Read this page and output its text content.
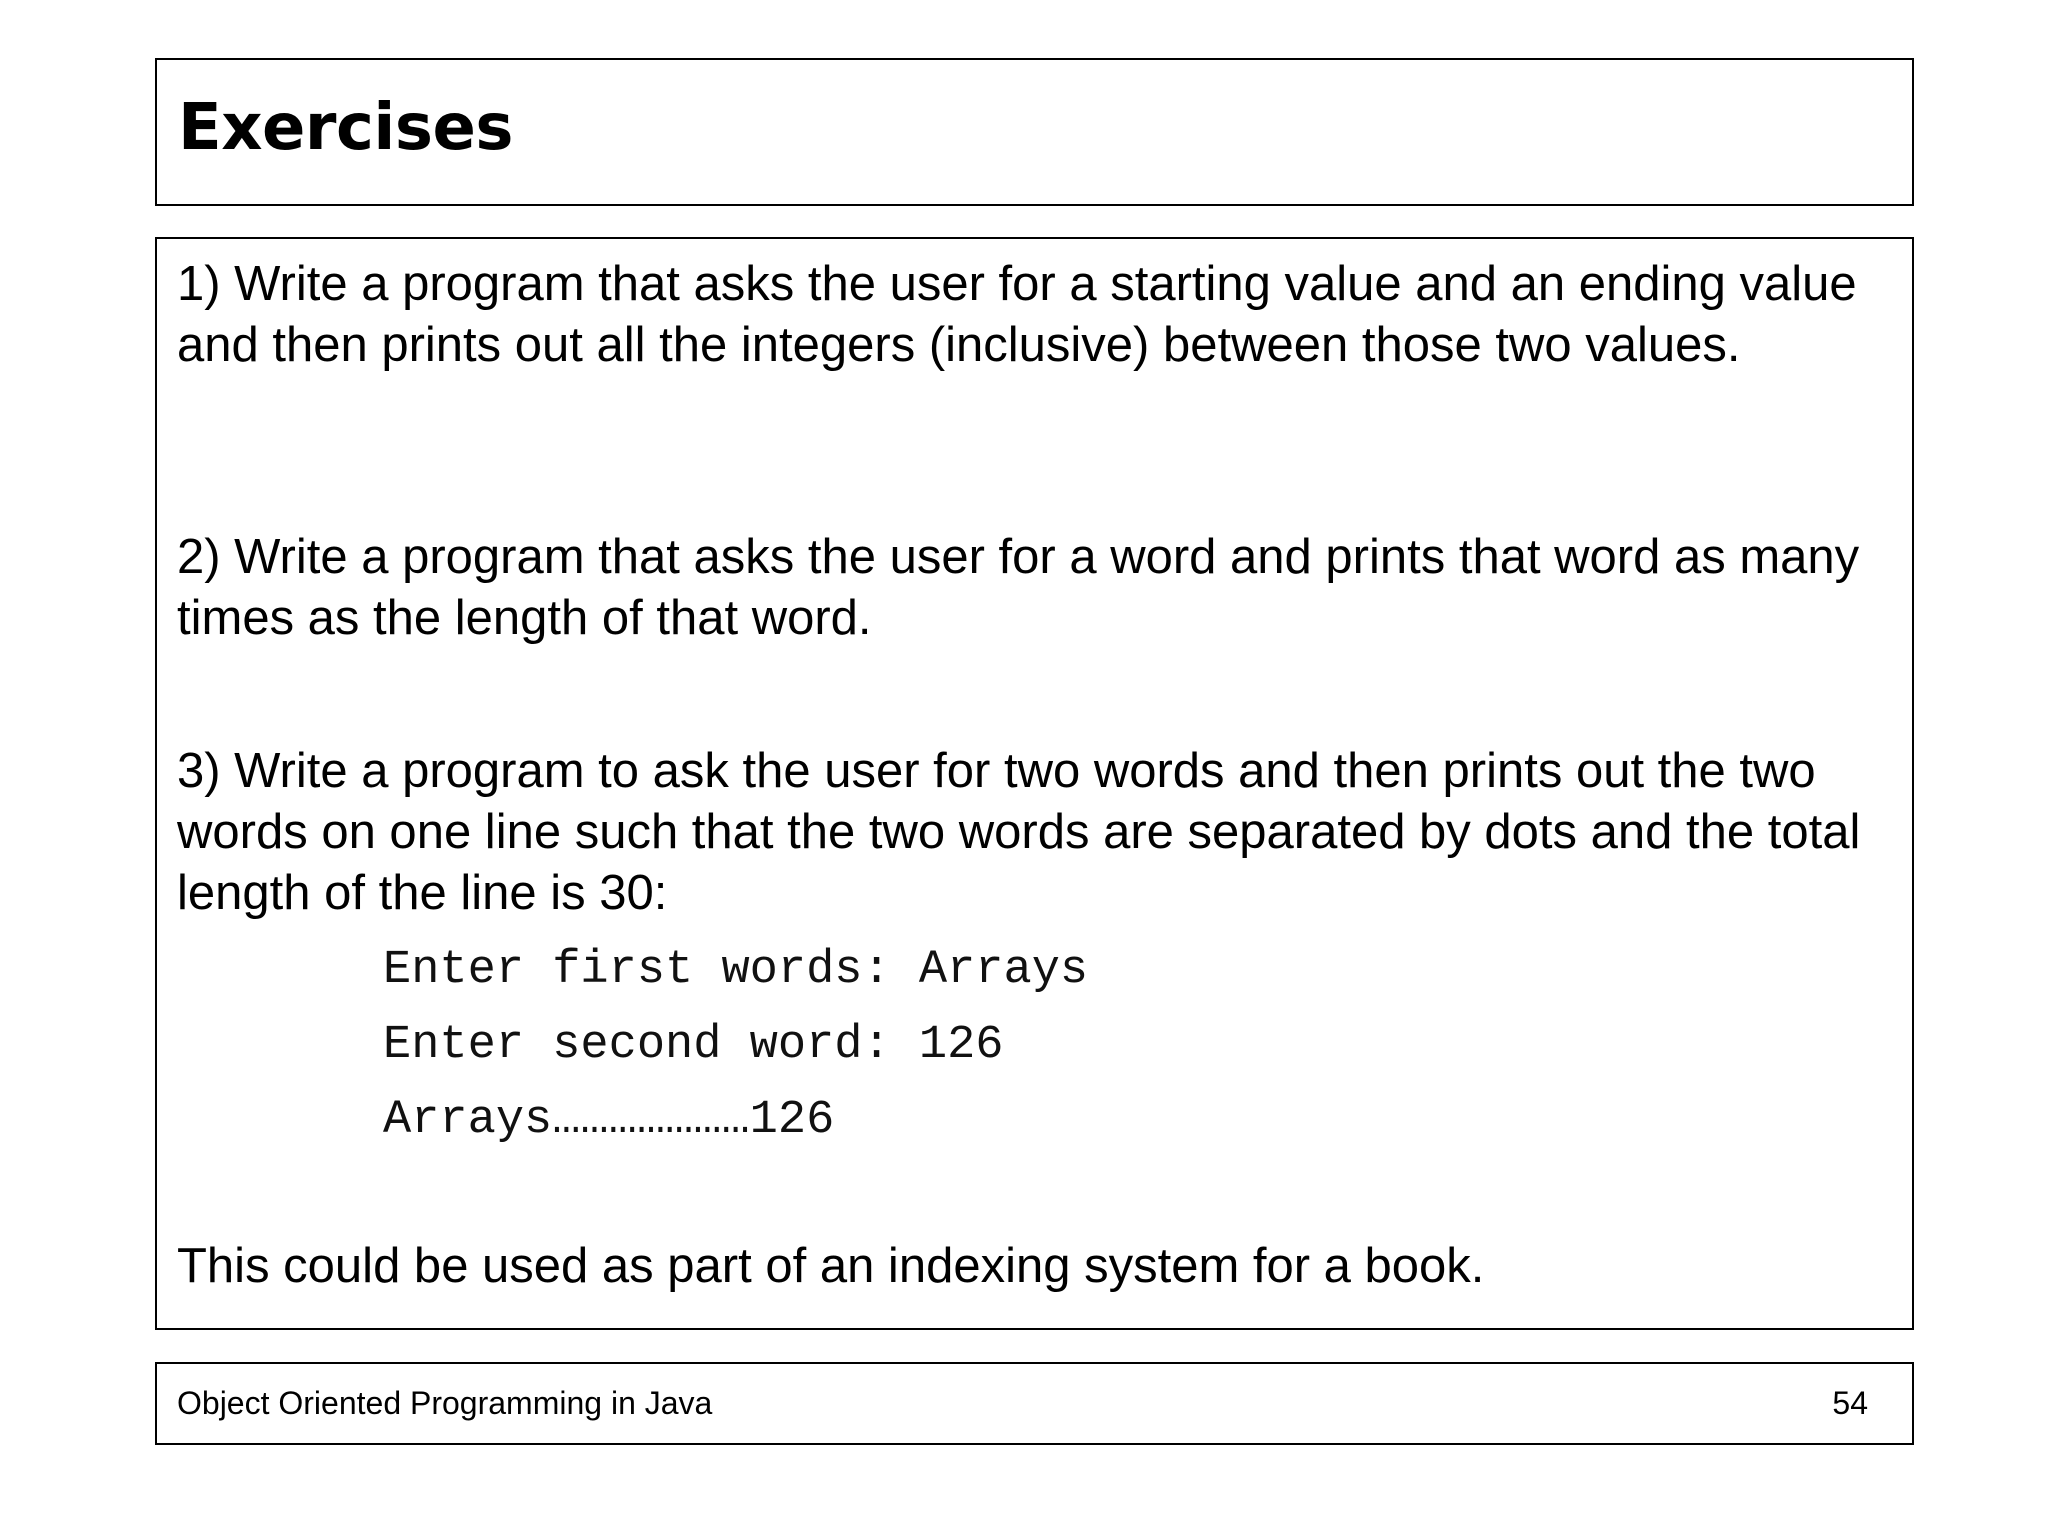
Exercises

1) Write a program that asks the user for a starting value and an ending value and then prints out all the integers (inclusive) between those two values.

2) Write a program that asks the user for a word and prints that word as many times as the length of that word.

3) Write a program to ask the user for two words and then prints out the two words on one line such that the two words are separated by dots and the total length of the line is 30:

Enter first words: Arrays

Enter second word: 126

Arrays…………………126

This could be used as part of an indexing system for a book.

Object Oriented Programming in Java	54
